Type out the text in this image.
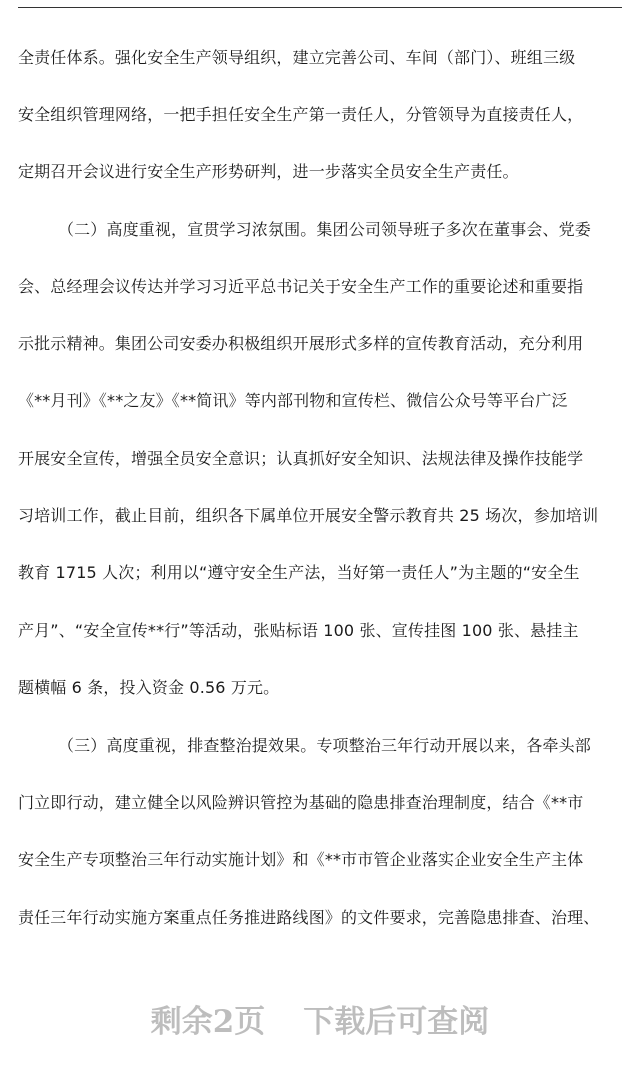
全责任体系。强化安全生产领导组织，建立完善公司、车间（部门）、班组三级
安全组织管理网络，一把手担任安全生产第一责任人，分管领导为直接责任人，
定期召开会议进行安全生产形势研判，进一步落实全员安全生产责任。
（二）高度重视，宣贯学习浓氛围。集团公司领导班子多次在董事会、党委
会、总经理会议传达并学习习近平总书记关于安全生产工作的重要论述和重要指
示批示精神。集团公司安委办积极组织开展形式多样的宣传教育活动，充分利用
《**月刊》《**之友》《**简讯》等内部刊物和宣传栏、微信公众号等平台广泛
开展安全宣传，增强全员安全意识；认真抓好安全知识、法规法律及操作技能学
习培训工作，截止目前，组织各下属单位开展安全警示教育共 25 场次，参加培训
教育 1715 人次；利用以“遵守安全生产法，当好第一责任人”为主题的“安全生
产月”、“安全宣传**行”等活动，张贴标语 100 张、宣传挂图 100 张、悬挂主
题横幅 6 条，投入资金 0.56 万元。
（三）高度重视，排查整治提效果。专项整治三年行动开展以来，各牵头部
门立即行动，建立健全以风险辨识管控为基础的隐患排查治理制度，结合《**市
安全生产专项整治三年行动实施计划》和《**市市管企业落实企业安全生产主体
责任三年行动实施方案重点任务推进路线图》的文件要求，完善隐患排查、治理、
剩余2页 下载后可查阅
